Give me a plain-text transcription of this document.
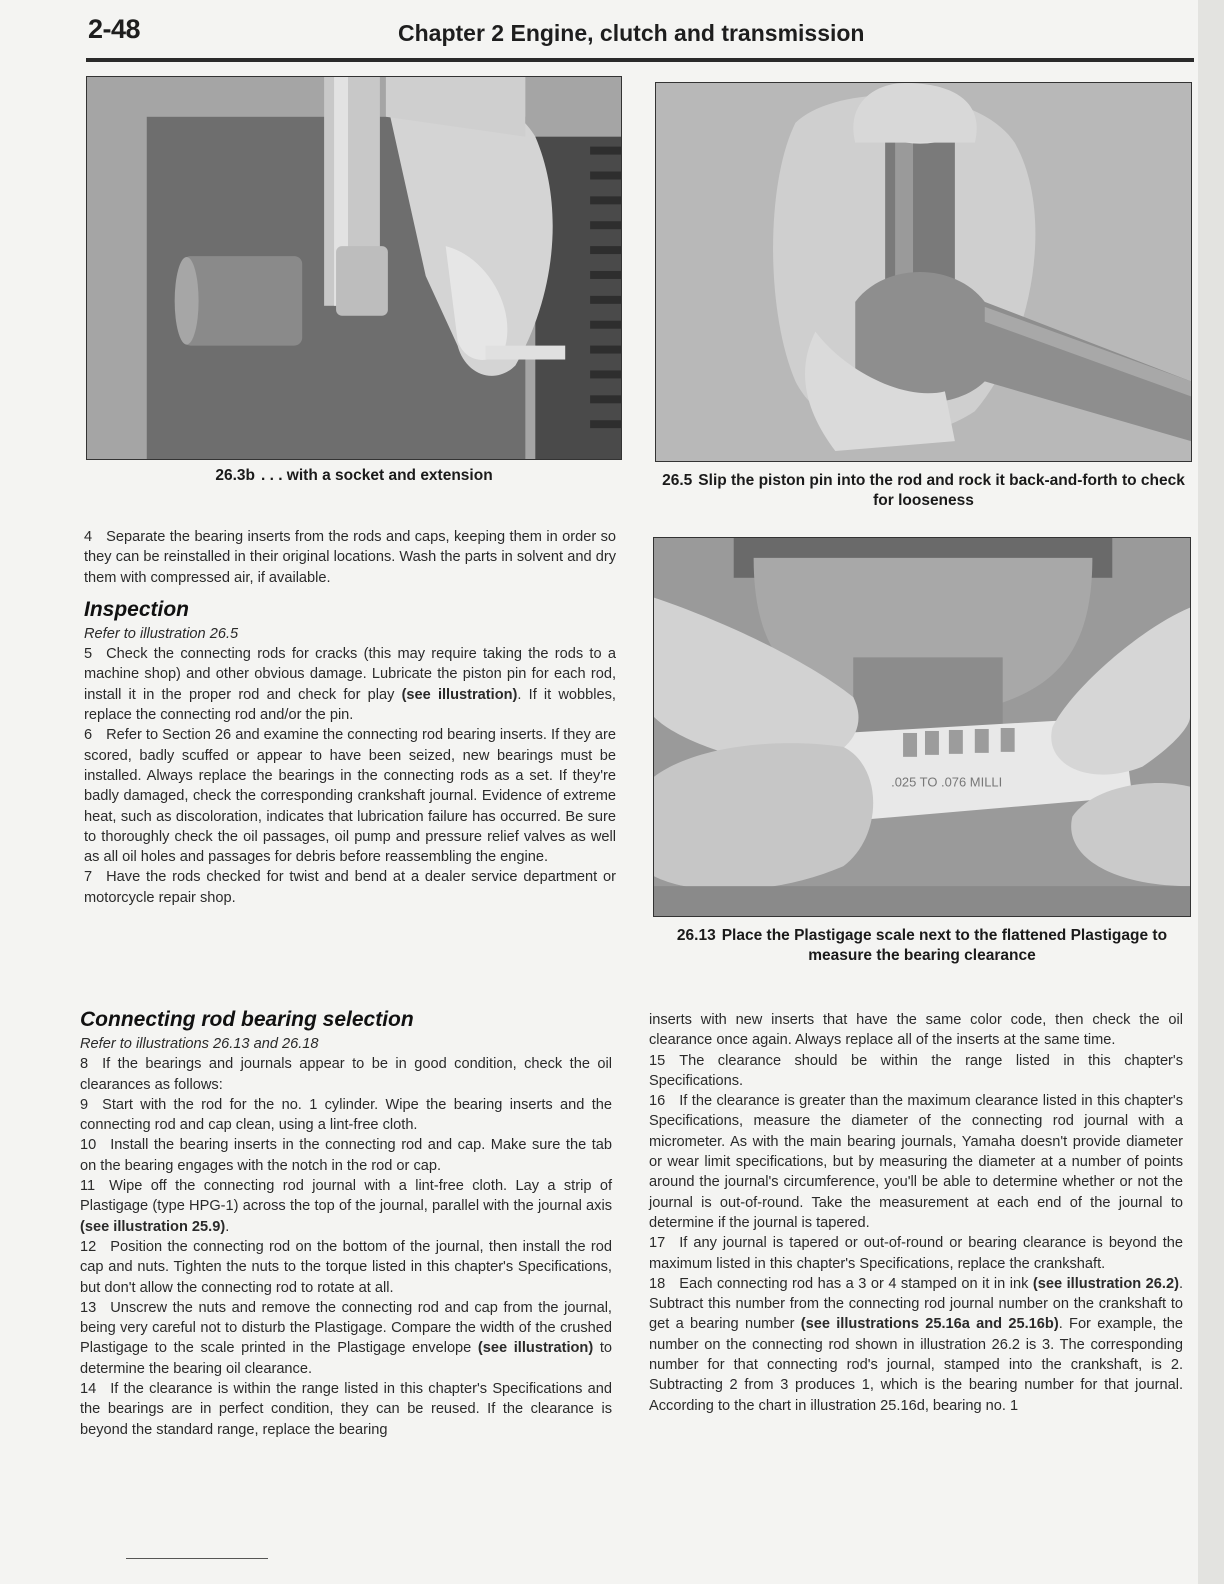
2-48	Chapter 2 Engine, clutch and transmission
26.3b . . . with a socket and extension	26.5 Slip the piston pin into the rod and rock it back-and-forth to check for looseness
.025 TO .076 MILLI
26.13 Place the Plastigage scale next to the flattened Plastigage to measure the bearing clearance

4 Separate the bearing inserts from the rods and caps, keeping them in order so they can be reinstalled in their original locations. Wash the parts in solvent and dry them with compressed air, if available.

Inspection

Refer to illustration 26.5

5 Check the connecting rods for cracks (this may require taking the rods to a machine shop) and other obvious damage. Lubricate the piston pin for each rod, install it in the proper rod and check for play (see illustration). If it wobbles, replace the connecting rod and/or the pin.

6 Refer to Section 26 and examine the connecting rod bearing inserts. If they are scored, badly scuffed or appear to have been seized, new bearings must be installed. Always replace the bearings in the connecting rods as a set. If they're badly damaged, check the corresponding crankshaft journal. Evidence of extreme heat, such as discoloration, indicates that lubrication failure has occurred. Be sure to thoroughly check the oil passages, oil pump and pressure relief valves as well as all oil holes and passages for debris before reassembling the engine.

7 Have the rods checked for twist and bend at a dealer service department or motorcycle repair shop.

Connecting rod bearing selection

Refer to illustrations 26.13 and 26.18

8 If the bearings and journals appear to be in good condition, check the oil clearances as follows:

9 Start with the rod for the no. 1 cylinder. Wipe the bearing inserts and the connecting rod and cap clean, using a lint-free cloth.

10 Install the bearing inserts in the connecting rod and cap. Make sure the tab on the bearing engages with the notch in the rod or cap.

11 Wipe off the connecting rod journal with a lint-free cloth. Lay a strip of Plastigage (type HPG-1) across the top of the journal, parallel with the journal axis (see illustration 25.9).

12 Position the connecting rod on the bottom of the journal, then install the rod cap and nuts. Tighten the nuts to the torque listed in this chapter's Specifications, but don't allow the connecting rod to rotate at all.

13 Unscrew the nuts and remove the connecting rod and cap from the journal, being very careful not to disturb the Plastigage. Compare the width of the crushed Plastigage to the scale printed in the Plastigage envelope (see illustration) to determine the bearing oil clearance.

14 If the clearance is within the range listed in this chapter's Specifications and the bearings are in perfect condition, they can be reused. If the clearance is beyond the standard range, replace the bearing

inserts with new inserts that have the same color code, then check the oil clearance once again. Always replace all of the inserts at the same time.

15 The clearance should be within the range listed in this chapter's Specifications.

16 If the clearance is greater than the maximum clearance listed in this chapter's Specifications, measure the diameter of the connecting rod journal with a micrometer. As with the main bearing journals, Yamaha doesn't provide diameter or wear limit specifications, but by measuring the diameter at a number of points around the journal's circumference, you'll be able to determine whether or not the journal is out-of-round. Take the measurement at each end of the journal to determine if the journal is tapered.

17 If any journal is tapered or out-of-round or bearing clearance is beyond the maximum listed in this chapter's Specifications, replace the crankshaft.

18 Each connecting rod has a 3 or 4 stamped on it in ink (see illustration 26.2). Subtract this number from the connecting rod journal number on the crankshaft to get a bearing number (see illustrations 25.16a and 25.16b). For example, the number on the connecting rod shown in illustration 26.2 is 3. The corresponding number for that connecting rod's journal, stamped into the crankshaft, is 2. Subtracting 2 from 3 produces 1, which is the bearing number for that journal. According to the chart in illustration 25.16d, bearing no. 1
